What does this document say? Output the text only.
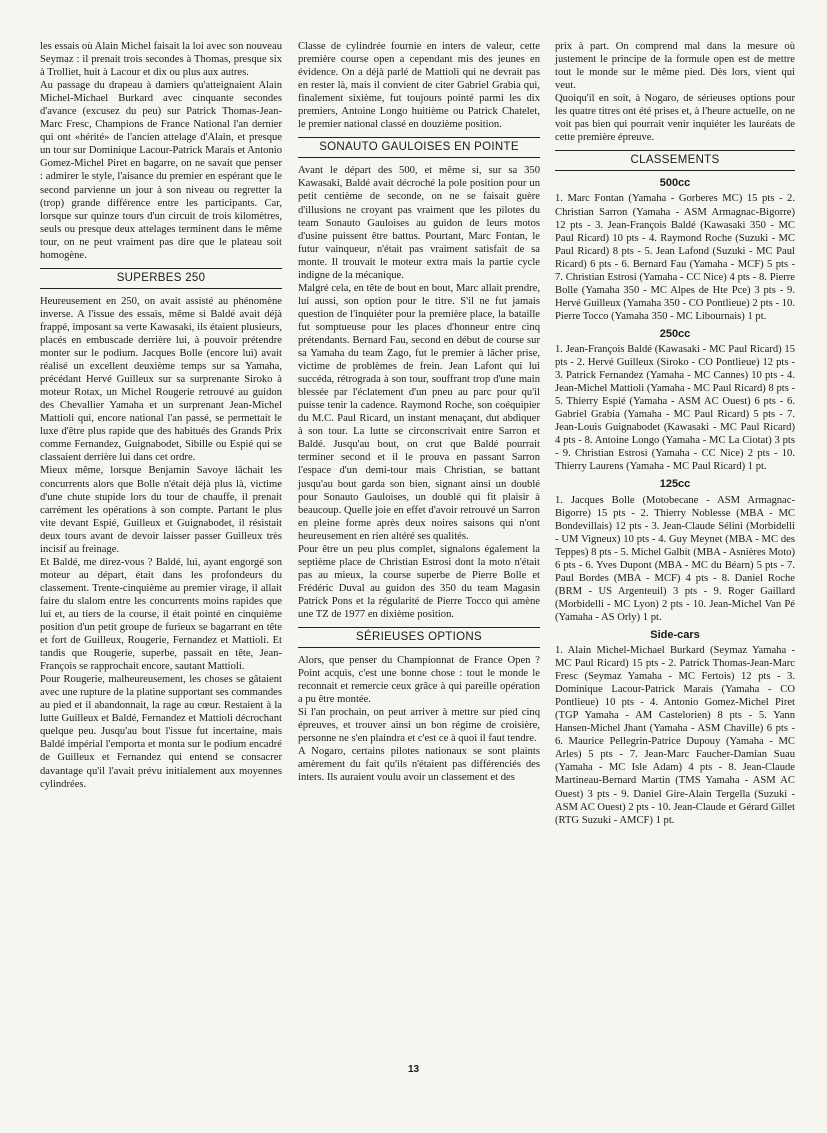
les essais où Alain Michel faisait la loi avec son nouveau Seymaz : il prenait trois secondes à Thomas, presque six à Trolliet, huit à Lacour et dix ou plus aux autres.

Au passage du drapeau à damiers qu'atteignaient Alain Michel-Michael Burkard avec cinquante secondes d'avance (excusez du peu) sur Patrick Thomas-Jean-Marc Fresc, Champions de France National l'an dernier qui ont «hérité» de l'ancien attelage d'Alain, et presque un tour sur Dominique Lacour-Patrick Marais et Antonio Gomez-Michel Piret en bagarre, on ne savait que penser : admirer le style, l'aisance du premier en espérant que le second parvienne un jour à son niveau ou regretter la (trop) grande différence entre les participants. Car, lorsque sur quinze tours d'un circuit de trois kilomètres, seuls ou presque deux attelages terminent dans le même tour, on ne peut vraiment pas dire que le plateau soit homogène.

SUPERBES 250

Heureusement en 250, on avait assisté au phénomène inverse. A l'issue des essais, même si Baldé avait déjà frappé, imposant sa verte Kawasaki, ils étaient plusieurs, placés en embuscade derrière lui, à pouvoir prétendre monter sur le podium. Jacques Bolle (encore lui) avait réalisé un excellent deuxième temps sur sa Yamaha, précédant Hervé Guilleux sur sa surprenante Siroko à moteur Rotax, un Michel Rougerie retrouvé au guidon des Chevallier Yamaha et un surprenant Jean-Michel Mattioli qui, encore national l'an passé, se permettait le luxe d'être plus rapide que des habitués des Grands Prix comme Fernandez, Guignabodet, Sibille ou Espié qui se classaient derrière lui dans cet ordre.

Mieux même, lorsque Benjamin Savoye lâchait les concurrents alors que Bolle n'était déjà plus là, victime d'une chute stupide lors du tour de chauffe, il prenait carrément les opérations à son compte. Partant le plus vite devant Espié, Guilleux et Guignabodet, il résistait deux tours avant de devoir laisser passer Guilleux très incisif au freinage.

Et Baldé, me direz-vous ? Baldé, lui, ayant engorgé son moteur au départ, était dans les profondeurs du classement. Trente-cinquième au premier virage, il allait faire du slalom entre les concurrents moins rapides que lui et, au tiers de la course, il était pointé en cinquième position d'un petit groupe de furieux se bagarrant en tête et fort de Guilleux, Rougerie, Fernandez et Mattioli. Et tandis que Rougerie, superbe, passait en tête, Jean-François se rapprochait encore, sautant Mattioli.

Pour Rougerie, malheureusement, les choses se gâtaient avec une rupture de la platine supportant ses commandes au pied et il abandonnait, la rage au cœur. Restaient à la lutte Guilleux et Baldé, Fernandez et Mattioli décrochant quelque peu. Jusqu'au bout l'issue fut incertaine, mais Baldé impérial l'emporta et monta sur le podium encadré de Guilleux et Fernandez qui entend se consacrer davantage qu'il l'avait prévu initialement aux moyennes cylindrées.

Classe de cylindrée fournie en inters de valeur, cette première course open a cependant mis des jeunes en évidence. On a déjà parlé de Mattioli qui ne devrait pas en rester là, mais il convient de citer Gabriel Grabia qui, finalement sixième, fut toujours pointé parmi les dix premiers, Antoine Longo huitième ou Patrick Chatelet, le premier national classé en douzième position.

SONAUTO GAULOISES EN POINTE

Avant le départ des 500, et même si, sur sa 350 Kawasaki, Baldé avait décroché la pole position pour un petit centième de seconde, on ne se faisait guère d'illusions ne croyant pas vraiment que les pilotes du team Sonauto Gauloises au guidon de leurs motos d'usine puissent être battus. Pourtant, Marc Fontan, le futur vainqueur, n'était pas vraiment satisfait de sa monte. Il trouvait le moteur extra mais la partie cycle indigne de la mécanique.

Malgré cela, en tête de bout en bout, Marc allait prendre, lui aussi, son option pour le titre. S'il ne fut jamais question de l'inquiéter pour la première place, la bataille fut somptueuse pour les places d'honneur entre cinq prétendants. Bernard Fau, second en début de course sur sa Yamaha du team Zago, fut le premier à lâcher prise, victime de problèmes de frein. Jean Lafont qui lui succéda, rétrograda à son tour, souffrant trop d'une main blessée par l'éclatement d'un pneu au parc pour qu'il puisse tenir la cadence. Raymond Roche, son coéquipier du M.C. Paul Ricard, un instant menaçant, dut abdiquer à son tour. La lutte se circonscrivait entre Sarron et Baldé. Jusqu'au bout, on crut que Baldé pourrait terminer second et il le prouva en passant Sarron l'espace d'un demi-tour mais Christian, se battant jusqu'au bout garda son bien, signant ainsi un doublé pour Sonauto Gauloises, un doublé qui fit plaisir à beaucoup. Quelle joie en effet d'avoir retrouvé un Sarron en pleine forme après deux noires saisons qui n'ont heureusement en rien altéré ses qualités.

Pour être un peu plus complet, signalons également la septième place de Christian Estrosi dont la moto n'était pas au mieux, la course superbe de Pierre Bolle et Frédéric Duval au guidon des 350 du team Magasin Patrick Pons et la régularité de Pierre Tocco qui amène une TZ de 1977 en dixième position.

SÉRIEUSES OPTIONS

Alors, que penser du Championnat de France Open ? Point acquis, c'est une bonne chose : tout le monde le reconnait et remercie ceux grâce à qui pareille opération a pu être montée.

Si l'an prochain, on peut arriver à mettre sur pied cinq épreuves, et trouver ainsi un bon régime de croisière, personne ne s'en plaindra et c'est ce à quoi il faut tendre.

A Nogaro, certains pilotes nationaux se sont plaints amèrement du fait qu'ils n'étaient pas différenciés des inters. Ils auraient voulu avoir un classement et des

prix à part. On comprend mal dans la mesure où justement le principe de la formule open est de mettre tout le monde sur le même pied. Dès lors, vient qui veut.

Quoiqu'il en soit, à Nogaro, de sérieuses options pour les quatre titres ont été prises et, à l'heure actuelle, on ne voit pas bien qui pourrait venir inquiéter les lauréats de cette première épreuve.

CLASSEMENTS
500cc

1. Marc Fontan (Yamaha - Gorberes MC) 15 pts - 2. Christian Sarron (Yamaha - ASM Armagnac-Bigorre) 12 pts - 3. Jean-François Baldé (Kawasaki 350 - MC Paul Ricard) 10 pts - 4. Raymond Roche (Suzuki - MC Paul Ricard) 8 pts - 5. Jean Lafond (Suzuki - MC Paul Ricard) 6 pts - 6. Bernard Fau (Yamaha - MCF) 5 pts - 7. Christian Estrosi (Yamaha - CC Nice) 4 pts - 8. Pierre Bolle (Yamaha 350 - MC Alpes de Hte Pce) 3 pts - 9. Hervé Guilleux (Yamaha 350 - CO Pontlieue) 2 pts - 10. Pierre Tocco (Yamaha 350 - MC Libournais) 1 pt.

250cc

1. Jean-François Baldé (Kawasaki - MC Paul Ricard) 15 pts - 2. Hervé Guilleux (Siroko - CO Pontlieue) 12 pts - 3. Patrick Fernandez (Yamaha - MC Cannes) 10 pts - 4. Jean-Michel Mattioli (Yamaha - MC Paul Ricard) 8 pts - 5. Thierry Espié (Yamaha - ASM AC Ouest) 6 pts - 6. Gabriel Grabia (Yamaha - MC Paul Ricard) 5 pts - 7. Jean-Louis Guignabodet (Kawasaki - MC Paul Ricard) 4 pts - 8. Antoine Longo (Yamaha - MC La Ciotat) 3 pts - 9. Christian Estrosi (Yamaha - CC Nice) 2 pts - 10. Thierry Laurens (Yamaha - MC Paul Ricard) 1 pt.

125cc

1. Jacques Bolle (Motobecane - ASM Armagnac-Bigorre) 15 pts - 2. Thierry Noblesse (MBA - MC Bondevillais) 12 pts - 3. Jean-Claude Sélini (Morbidelli - UM Vigneux) 10 pts - 4. Guy Meynet (MBA - MC des Teppes) 8 pts - 5. Michel Galbit (MBA - Asnières Moto) 6 pts - 6. Yves Dupont (MBA - MC du Béarn) 5 pts - 7. Paul Bordes (MBA - MCF) 4 pts - 8. Daniel Roche (BRM - US Argenteuil) 3 pts - 9. Roger Gaillard (Morbidelli - MC Lyon) 2 pts - 10. Jean-Michel Van Pé (Yamaha - AS Orly) 1 pt.

Side-cars

1. Alain Michel-Michael Burkard (Seymaz Yamaha - MC Paul Ricard) 15 pts - 2. Patrick Thomas-Jean-Marc Fresc (Seymaz Yamaha - MC Fertois) 12 pts - 3. Dominique Lacour-Patrick Marais (Yamaha - CO Pontlieue) 10 pts - 4. Antonio Gomez-Michel Piret (TGP Yamaha - AM Castelorien) 8 pts - 5. Yann Hansen-Michel Jhant (Yamaha - ASM Chaville) 6 pts - 6. Maurice Pellegrin-Patrice Dupouy (Yamaha - MC Arles) 5 pts - 7. Jean-Marc Faucher-Damian Suau (Yamaha - MC Isle Adam) 4 pts - 8. Jean-Claude Martineau-Bernard Martin (TMS Yamaha - ASM AC Ouest) 3 pts - 9. Daniel Gire-Alain Tergella (Suzuki - ASM AC Ouest) 2 pts - 10. Jean-Claude et Gérard Gillet (RTG Suzuki - AMCF) 1 pt.

13
